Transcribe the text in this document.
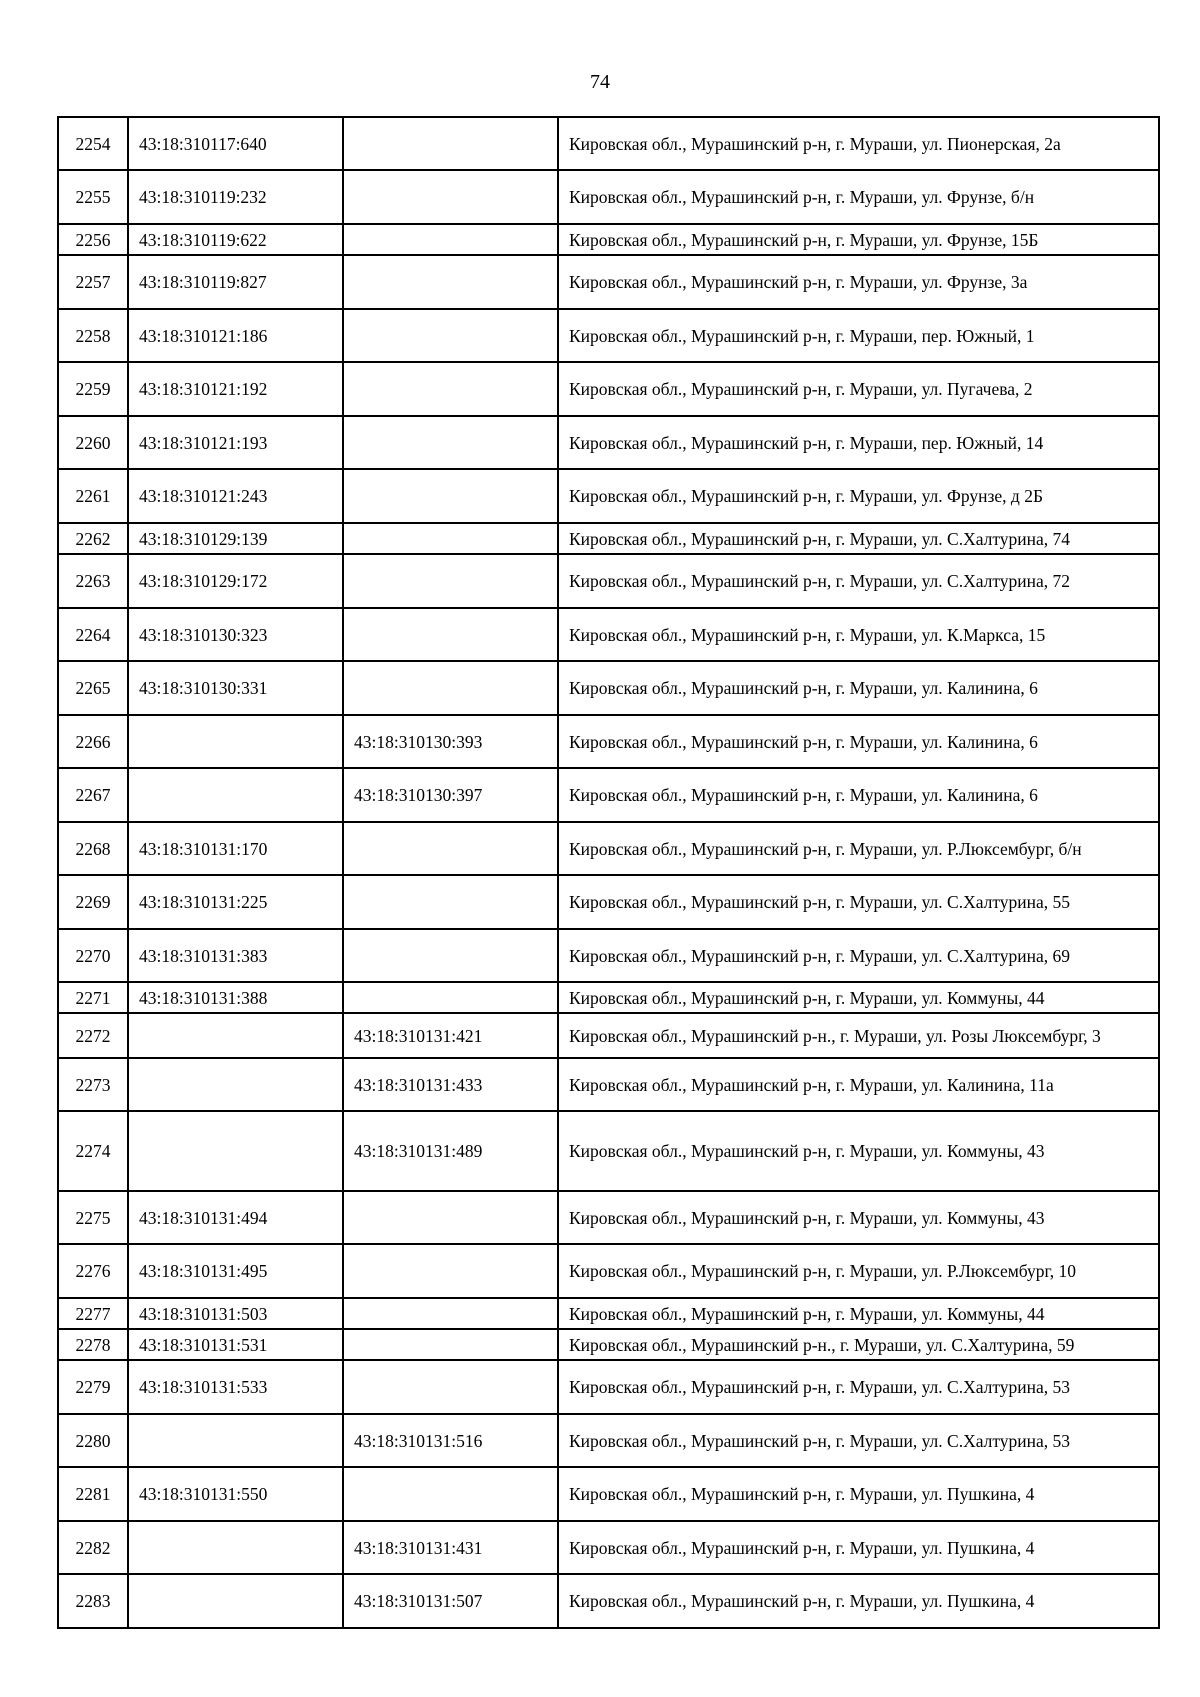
74
2254	43:18:310117:640		Кировская обл., Мурашинский р-н, г. Мураши, ул. Пионерская, 2а
2255	43:18:310119:232		Кировская обл., Мурашинский р-н, г. Мураши, ул. Фрунзе, б/н
2256	43:18:310119:622		Кировская обл., Мурашинский р-н, г. Мураши, ул. Фрунзе, 15Б
2257	43:18:310119:827		Кировская обл., Мурашинский р-н, г. Мураши, ул. Фрунзе, 3а
2258	43:18:310121:186		Кировская обл., Мурашинский р-н, г. Мураши, пер. Южный, 1
2259	43:18:310121:192		Кировская обл., Мурашинский р-н, г. Мураши, ул. Пугачева, 2
2260	43:18:310121:193		Кировская обл., Мурашинский р-н, г. Мураши, пер. Южный, 14
2261	43:18:310121:243		Кировская обл., Мурашинский р-н, г. Мураши, ул. Фрунзе, д 2Б
2262	43:18:310129:139		Кировская обл., Мурашинский р-н, г. Мураши, ул. С.Халтурина, 74
2263	43:18:310129:172		Кировская обл., Мурашинский р-н, г. Мураши, ул. С.Халтурина, 72
2264	43:18:310130:323		Кировская обл., Мурашинский р-н, г. Мураши, ул. К.Маркса, 15
2265	43:18:310130:331		Кировская обл., Мурашинский р-н, г. Мураши, ул. Калинина, 6
2266		43:18:310130:393	Кировская обл., Мурашинский р-н, г. Мураши, ул. Калинина, 6
2267		43:18:310130:397	Кировская обл., Мурашинский р-н, г. Мураши, ул. Калинина, 6
2268	43:18:310131:170		Кировская обл., Мурашинский р-н, г. Мураши, ул. Р.Люксембург, б/н
2269	43:18:310131:225		Кировская обл., Мурашинский р-н, г. Мураши, ул. С.Халтурина, 55
2270	43:18:310131:383		Кировская обл., Мурашинский р-н, г. Мураши, ул. С.Халтурина, 69
2271	43:18:310131:388		Кировская обл., Мурашинский р-н, г. Мураши, ул. Коммуны, 44
2272		43:18:310131:421	Кировская обл., Мурашинский р-н., г. Мураши, ул. Розы Люксембург, 3
2273		43:18:310131:433	Кировская обл., Мурашинский р-н, г. Мураши, ул. Калинина, 11а
2274		43:18:310131:489	Кировская обл., Мурашинский р-н, г. Мураши, ул. Коммуны, 43
2275	43:18:310131:494		Кировская обл., Мурашинский р-н, г. Мураши, ул. Коммуны, 43
2276	43:18:310131:495		Кировская обл., Мурашинский р-н, г. Мураши, ул. Р.Люксембург, 10
2277	43:18:310131:503		Кировская обл., Мурашинский р-н, г. Мураши, ул. Коммуны, 44
2278	43:18:310131:531		Кировская обл., Мурашинский р-н., г. Мураши, ул. С.Халтурина, 59
2279	43:18:310131:533		Кировская обл., Мурашинский р-н, г. Мураши, ул. С.Халтурина, 53
2280		43:18:310131:516	Кировская обл., Мурашинский р-н, г. Мураши, ул. С.Халтурина, 53
2281	43:18:310131:550		Кировская обл., Мурашинский р-н, г. Мураши, ул. Пушкина, 4
2282		43:18:310131:431	Кировская обл., Мурашинский р-н, г. Мураши, ул. Пушкина, 4
2283		43:18:310131:507	Кировская обл., Мурашинский р-н, г. Мураши, ул. Пушкина, 4
